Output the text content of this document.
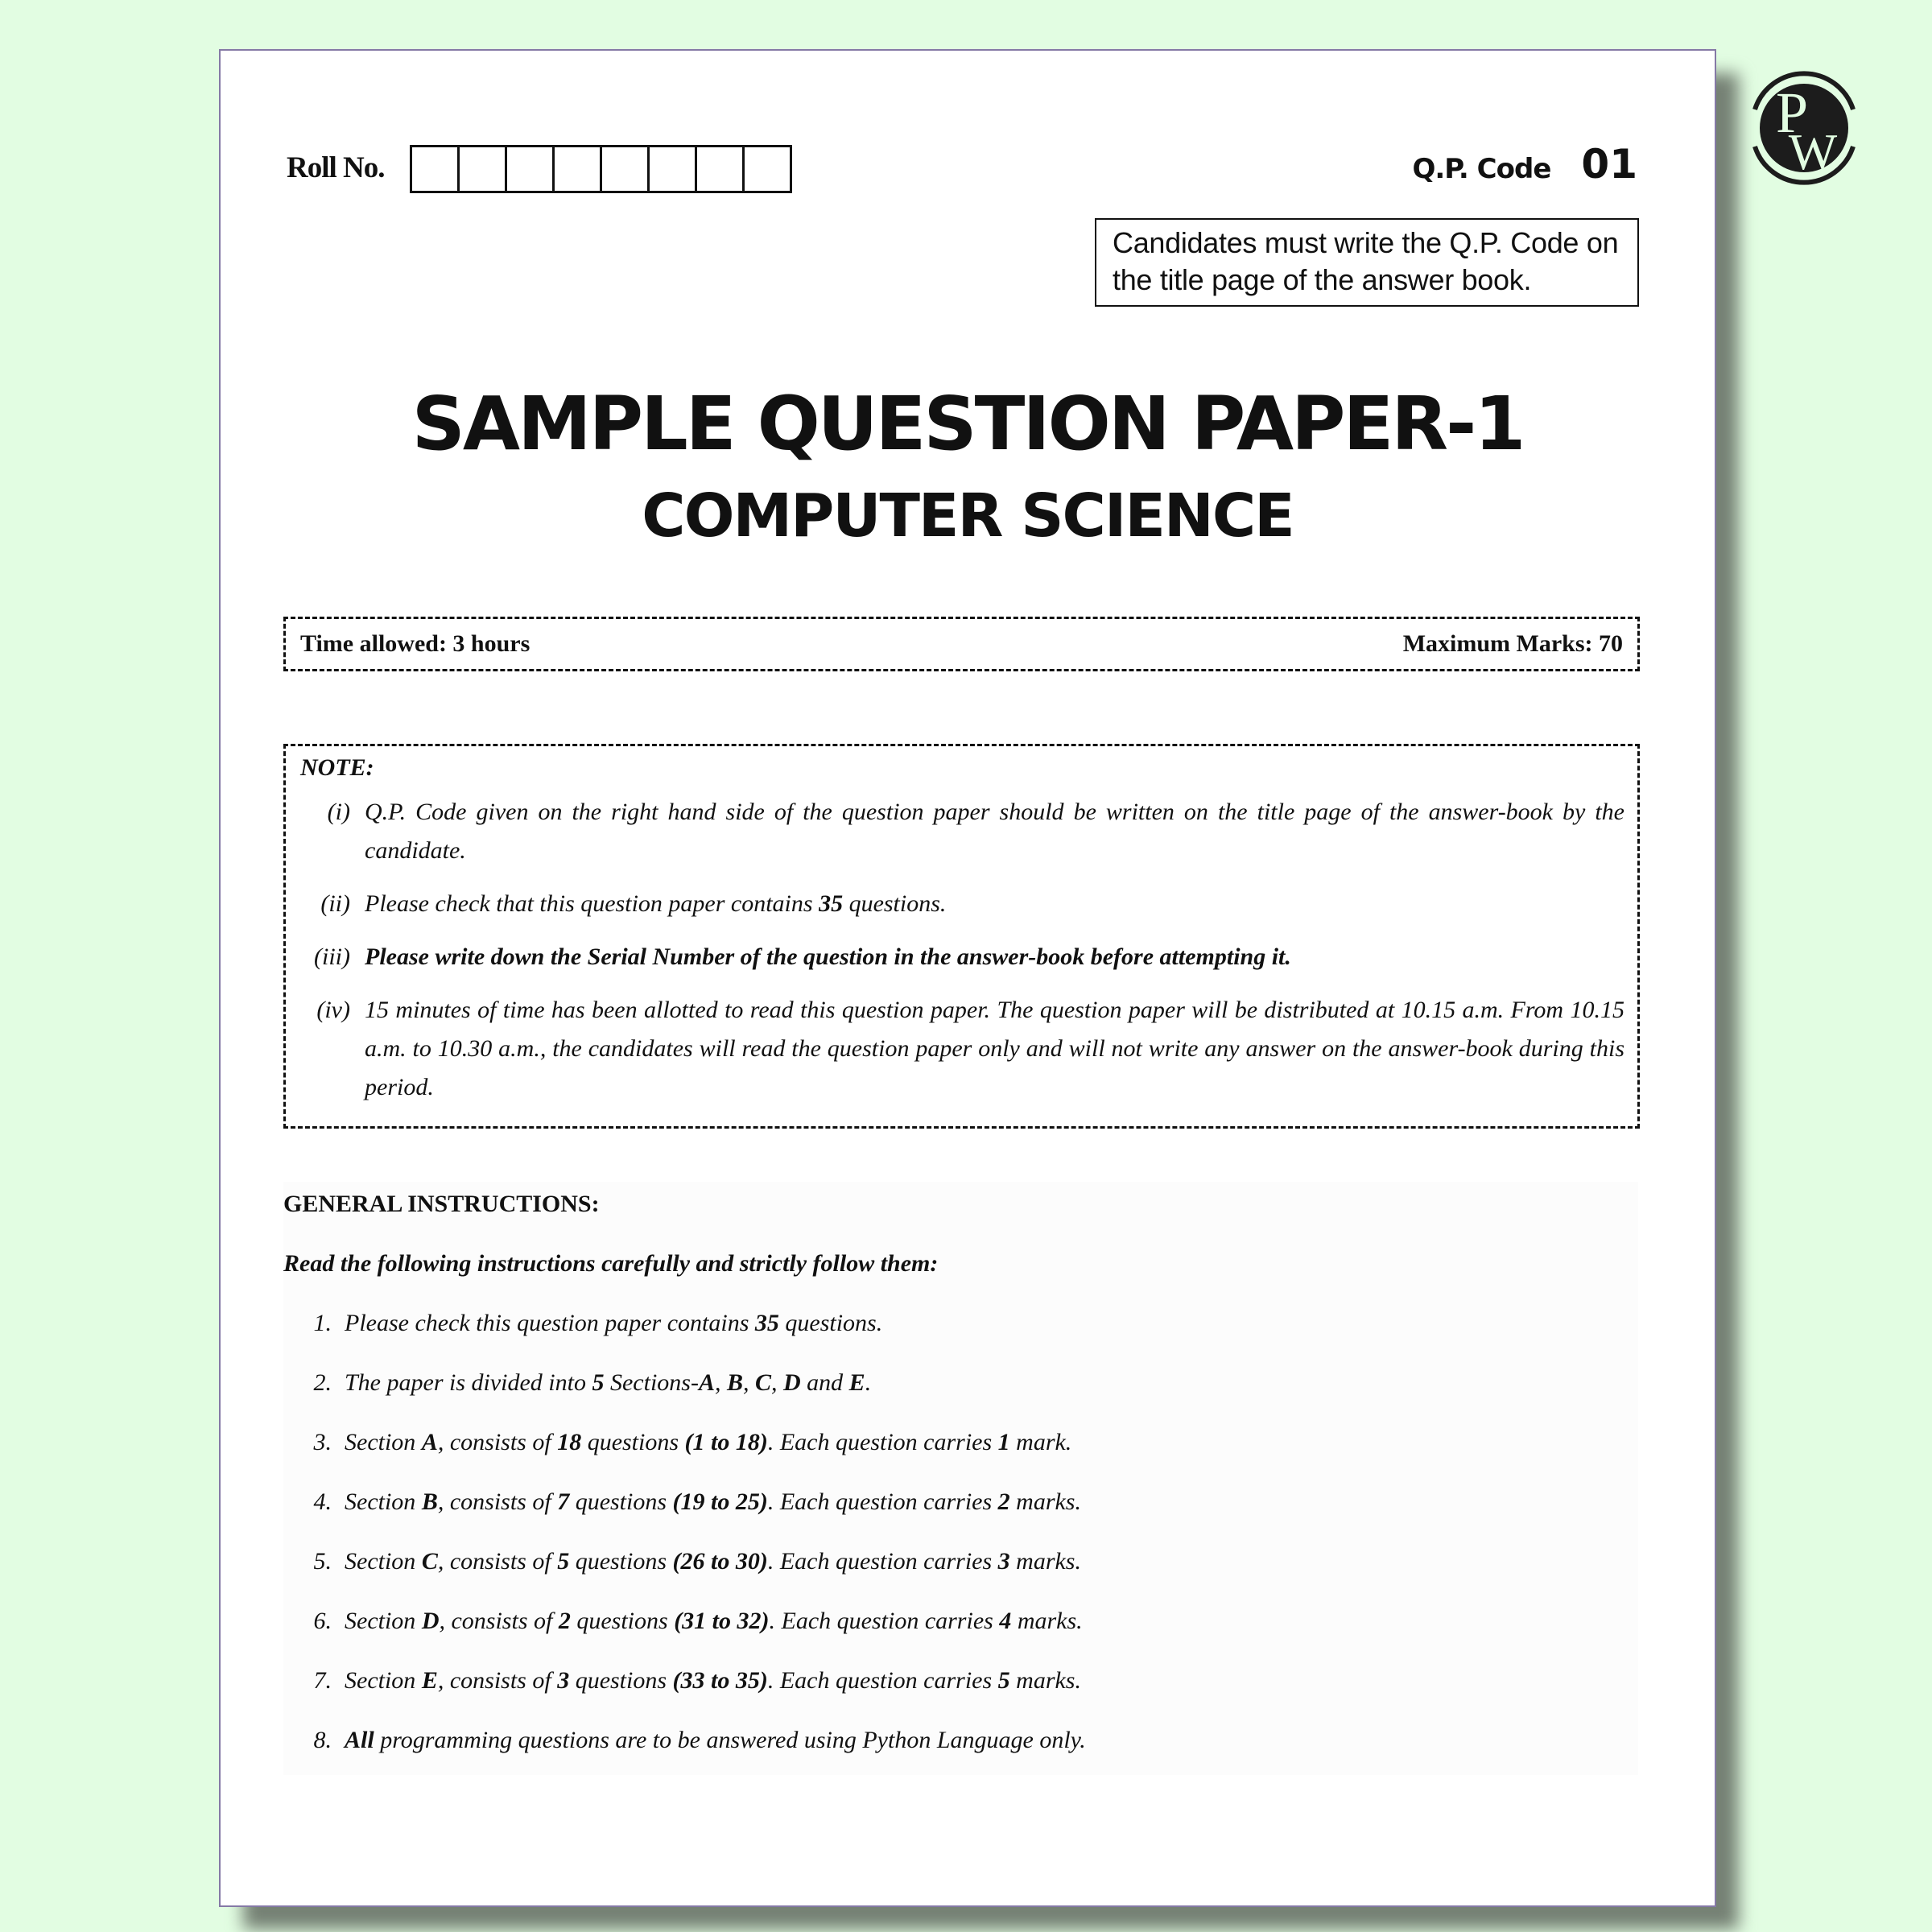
Roll No.	Q.P. Code 01
Candidates must write the Q.P. Code on the title page of the answer book.
SAMPLE QUESTION PAPER-1
COMPUTER SCIENCE
Time allowed: 3 hours	Maximum Marks: 70
NOTE:
(i) Q.P. Code given on the right hand side of the question paper should be written on the title page of the answer-book by the candidate.
(ii) Please check that this question paper contains 35 questions.
(iii) Please write down the Serial Number of the question in the answer-book before attempting it.
(iv) 15 minutes of time has been allotted to read this question paper. The question paper will be distributed at 10.15 a.m. From 10.15 a.m. to 10.30 a.m., the candidates will read the question paper only and will not write any answer on the answer-book during this period.
GENERAL INSTRUCTIONS:
Read the following instructions carefully and strictly follow them:
1. Please check this question paper contains 35 questions.
2. The paper is divided into 5 Sections-A, B, C, D and E.
3. Section A, consists of 18 questions (1 to 18). Each question carries 1 mark.
4. Section B, consists of 7 questions (19 to 25). Each question carries 2 marks.
5. Section C, consists of 5 questions (26 to 30). Each question carries 3 marks.
6. Section D, consists of 2 questions (31 to 32). Each question carries 4 marks.
7. Section E, consists of 3 questions (33 to 35). Each question carries 5 marks.
8. All programming questions are to be answered using Python Language only.
P
W
